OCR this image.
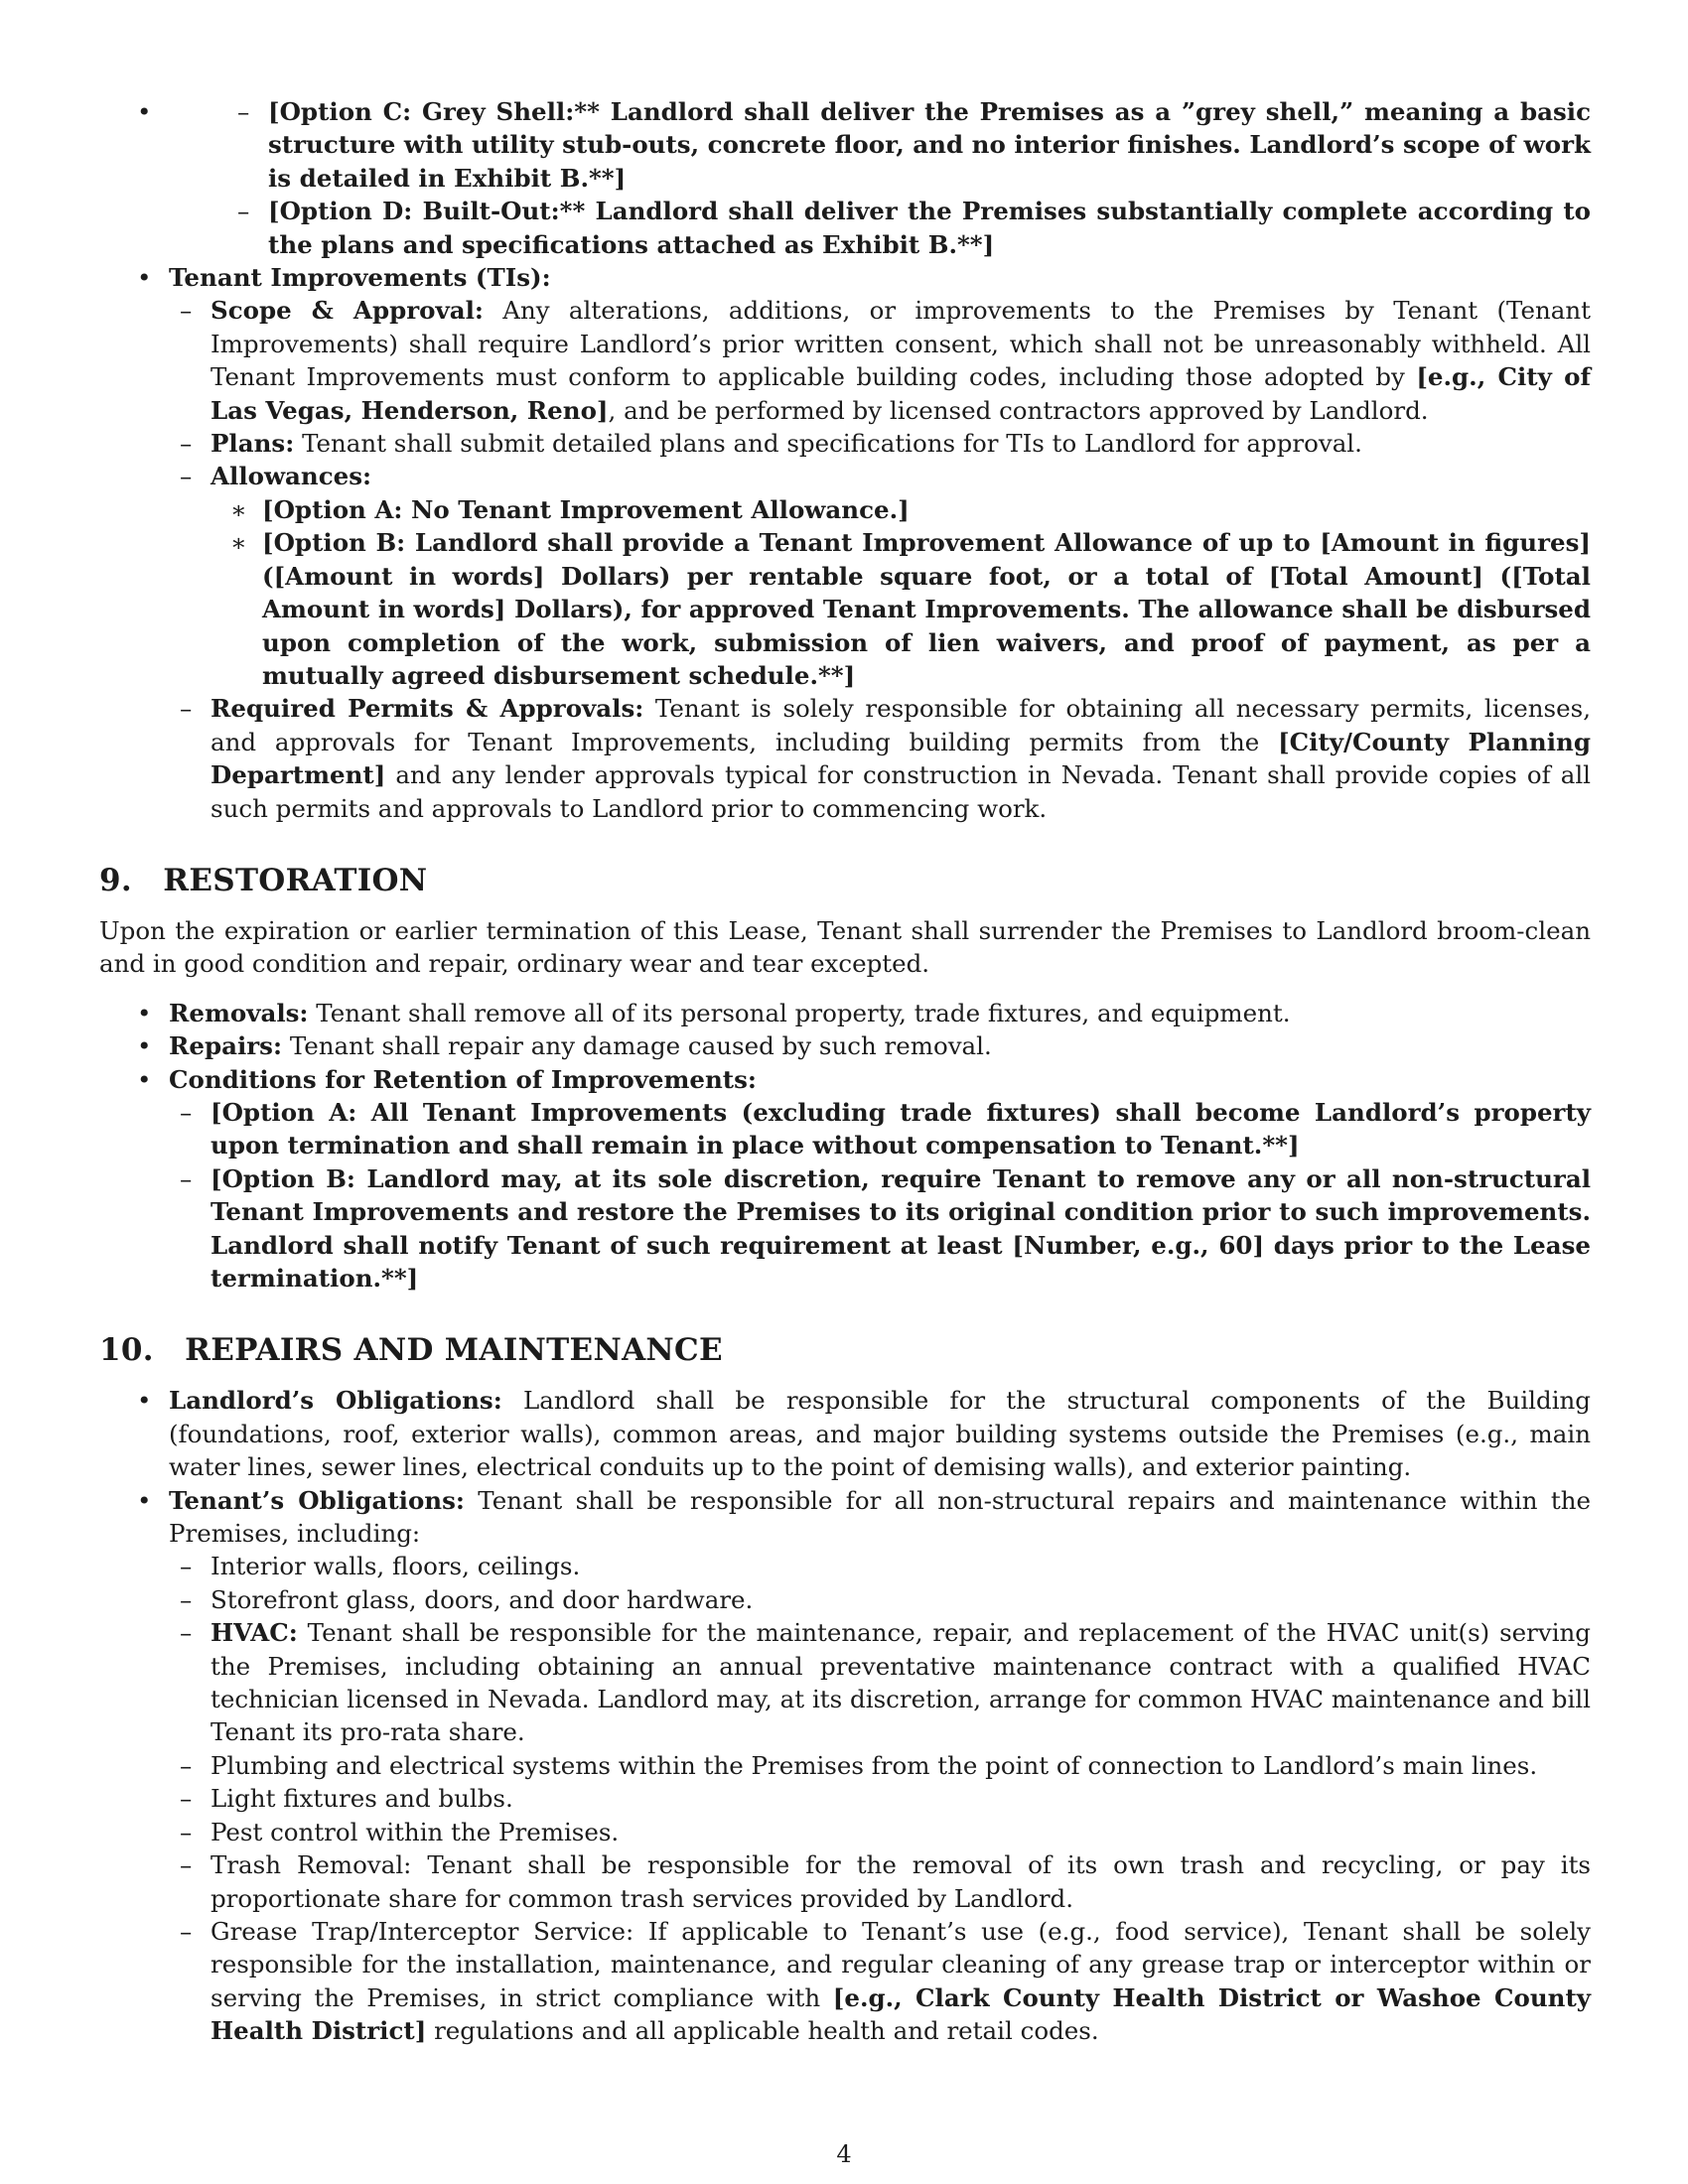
– • [Option C: Grey Shell:** Landlord shall deliver the Premises as a ”grey shell,” meaning a basic structure with utility stub-outs, concrete floor, and no interior finishes. Landlord’s scope of work is detailed in Exhibit B.**]
– [Option D: Built-Out:** Landlord shall deliver the Premises substantially complete according to the plans and specifications attached as Exhibit B.**]
• Tenant Improvements (TIs):
– Scope & Approval: Any alterations, additions, or improvements to the Premises by Tenant (Tenant Improvements) shall require Landlord’s prior written consent, which shall not be unreasonably withheld. All Tenant Improvements must conform to applicable building codes, including those adopted by [e.g., City of Las Vegas, Henderson, Reno], and be performed by licensed contractors approved by Landlord.
– Plans: Tenant shall submit detailed plans and specifications for TIs to Landlord for approval.
– Allowances:
∗ [Option A: No Tenant Improvement Allowance.]
∗ [Option B: Landlord shall provide a Tenant Improvement Allowance of up to [Amount in figures] ([Amount in words] Dollars) per rentable square foot, or a total of [Total Amount] ([Total Amount in words] Dollars), for approved Tenant Improvements. The allowance shall be disbursed upon completion of the work, submission of lien waivers, and proof of payment, as per a mutually agreed disbursement schedule.**]
– Required Permits & Approvals: Tenant is solely responsible for obtaining all necessary permits, licenses, and approvals for Tenant Improvements, including building permits from the [City/County Planning Department] and any lender approvals typical for construction in Nevada. Tenant shall provide copies of all such permits and approvals to Landlord prior to commencing work.
9. RESTORATION

Upon the expiration or earlier termination of this Lease, Tenant shall surrender the Premises to Landlord broom-clean and in good condition and repair, ordinary wear and tear excepted.

• Removals: Tenant shall remove all of its personal property, trade fixtures, and equipment.
• Repairs: Tenant shall repair any damage caused by such removal.
• Conditions for Retention of Improvements:
– [Option A: All Tenant Improvements (excluding trade fixtures) shall become Landlord’s property upon termination and shall remain in place without compensation to Tenant.**]
– [Option B: Landlord may, at its sole discretion, require Tenant to remove any or all non-structural Tenant Improvements and restore the Premises to its original condition prior to such improvements. Landlord shall notify Tenant of such requirement at least [Number, e.g., 60] days prior to the Lease termination.**]
10. REPAIRS AND MAINTENANCE
• Landlord’s Obligations: Landlord shall be responsible for the structural components of the Building (foundations, roof, exterior walls), common areas, and major building systems outside the Premises (e.g., main water lines, sewer lines, electrical conduits up to the point of demising walls), and exterior painting.
• Tenant’s Obligations: Tenant shall be responsible for all non-structural repairs and maintenance within the Premises, including:
– Interior walls, floors, ceilings.
– Storefront glass, doors, and door hardware.
– HVAC: Tenant shall be responsible for the maintenance, repair, and replacement of the HVAC unit(s) serving the Premises, including obtaining an annual preventative maintenance contract with a qualified HVAC technician licensed in Nevada. Landlord may, at its discretion, arrange for common HVAC maintenance and bill Tenant its pro-rata share.
– Plumbing and electrical systems within the Premises from the point of connection to Landlord’s main lines.
– Light fixtures and bulbs.
– Pest control within the Premises.
– Trash Removal: Tenant shall be responsible for the removal of its own trash and recycling, or pay its proportionate share for common trash services provided by Landlord.
– Grease Trap/Interceptor Service: If applicable to Tenant’s use (e.g., food service), Tenant shall be solely responsible for the installation, maintenance, and regular cleaning of any grease trap or interceptor within or serving the Premises, in strict compliance with [e.g., Clark County Health District or Washoe County Health District] regulations and all applicable health and retail codes.
4
